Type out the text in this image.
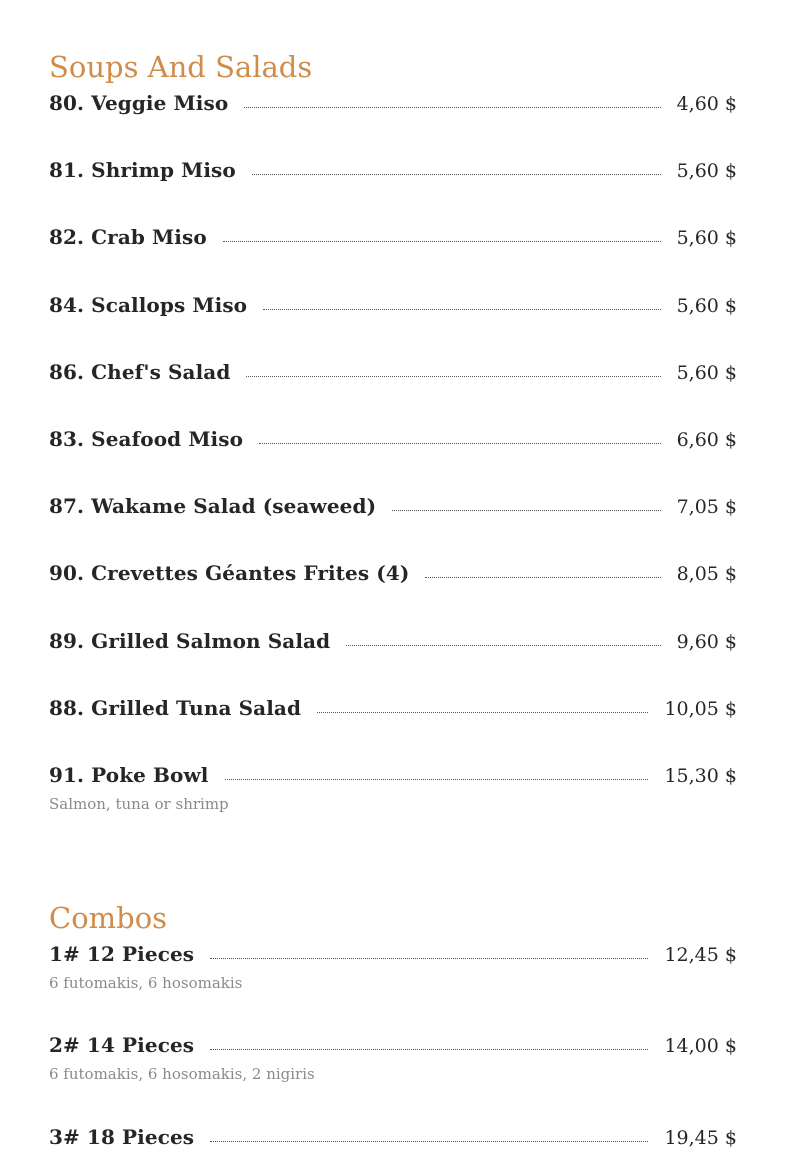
Soups And Salads
80. Veggie Miso	4,60 $
81. Shrimp Miso	5,60 $
82. Crab Miso	5,60 $
84. Scallops Miso	5,60 $
86. Chef's Salad	5,60 $
83. Seafood Miso	6,60 $
87. Wakame Salad (seaweed)	7,05 $
90. Crevettes Géantes Frites (4)	8,05 $
89. Grilled Salmon Salad	9,60 $
88. Grilled Tuna Salad	10,05 $
91. Poke Bowl	15,30 $
Salmon, tuna or shrimp
Combos
1# 12 Pieces	12,45 $
6 futomakis, 6 hosomakis
2# 14 Pieces	14,00 $
6 futomakis, 6 hosomakis, 2 nigiris
3# 18 Pieces	19,45 $
